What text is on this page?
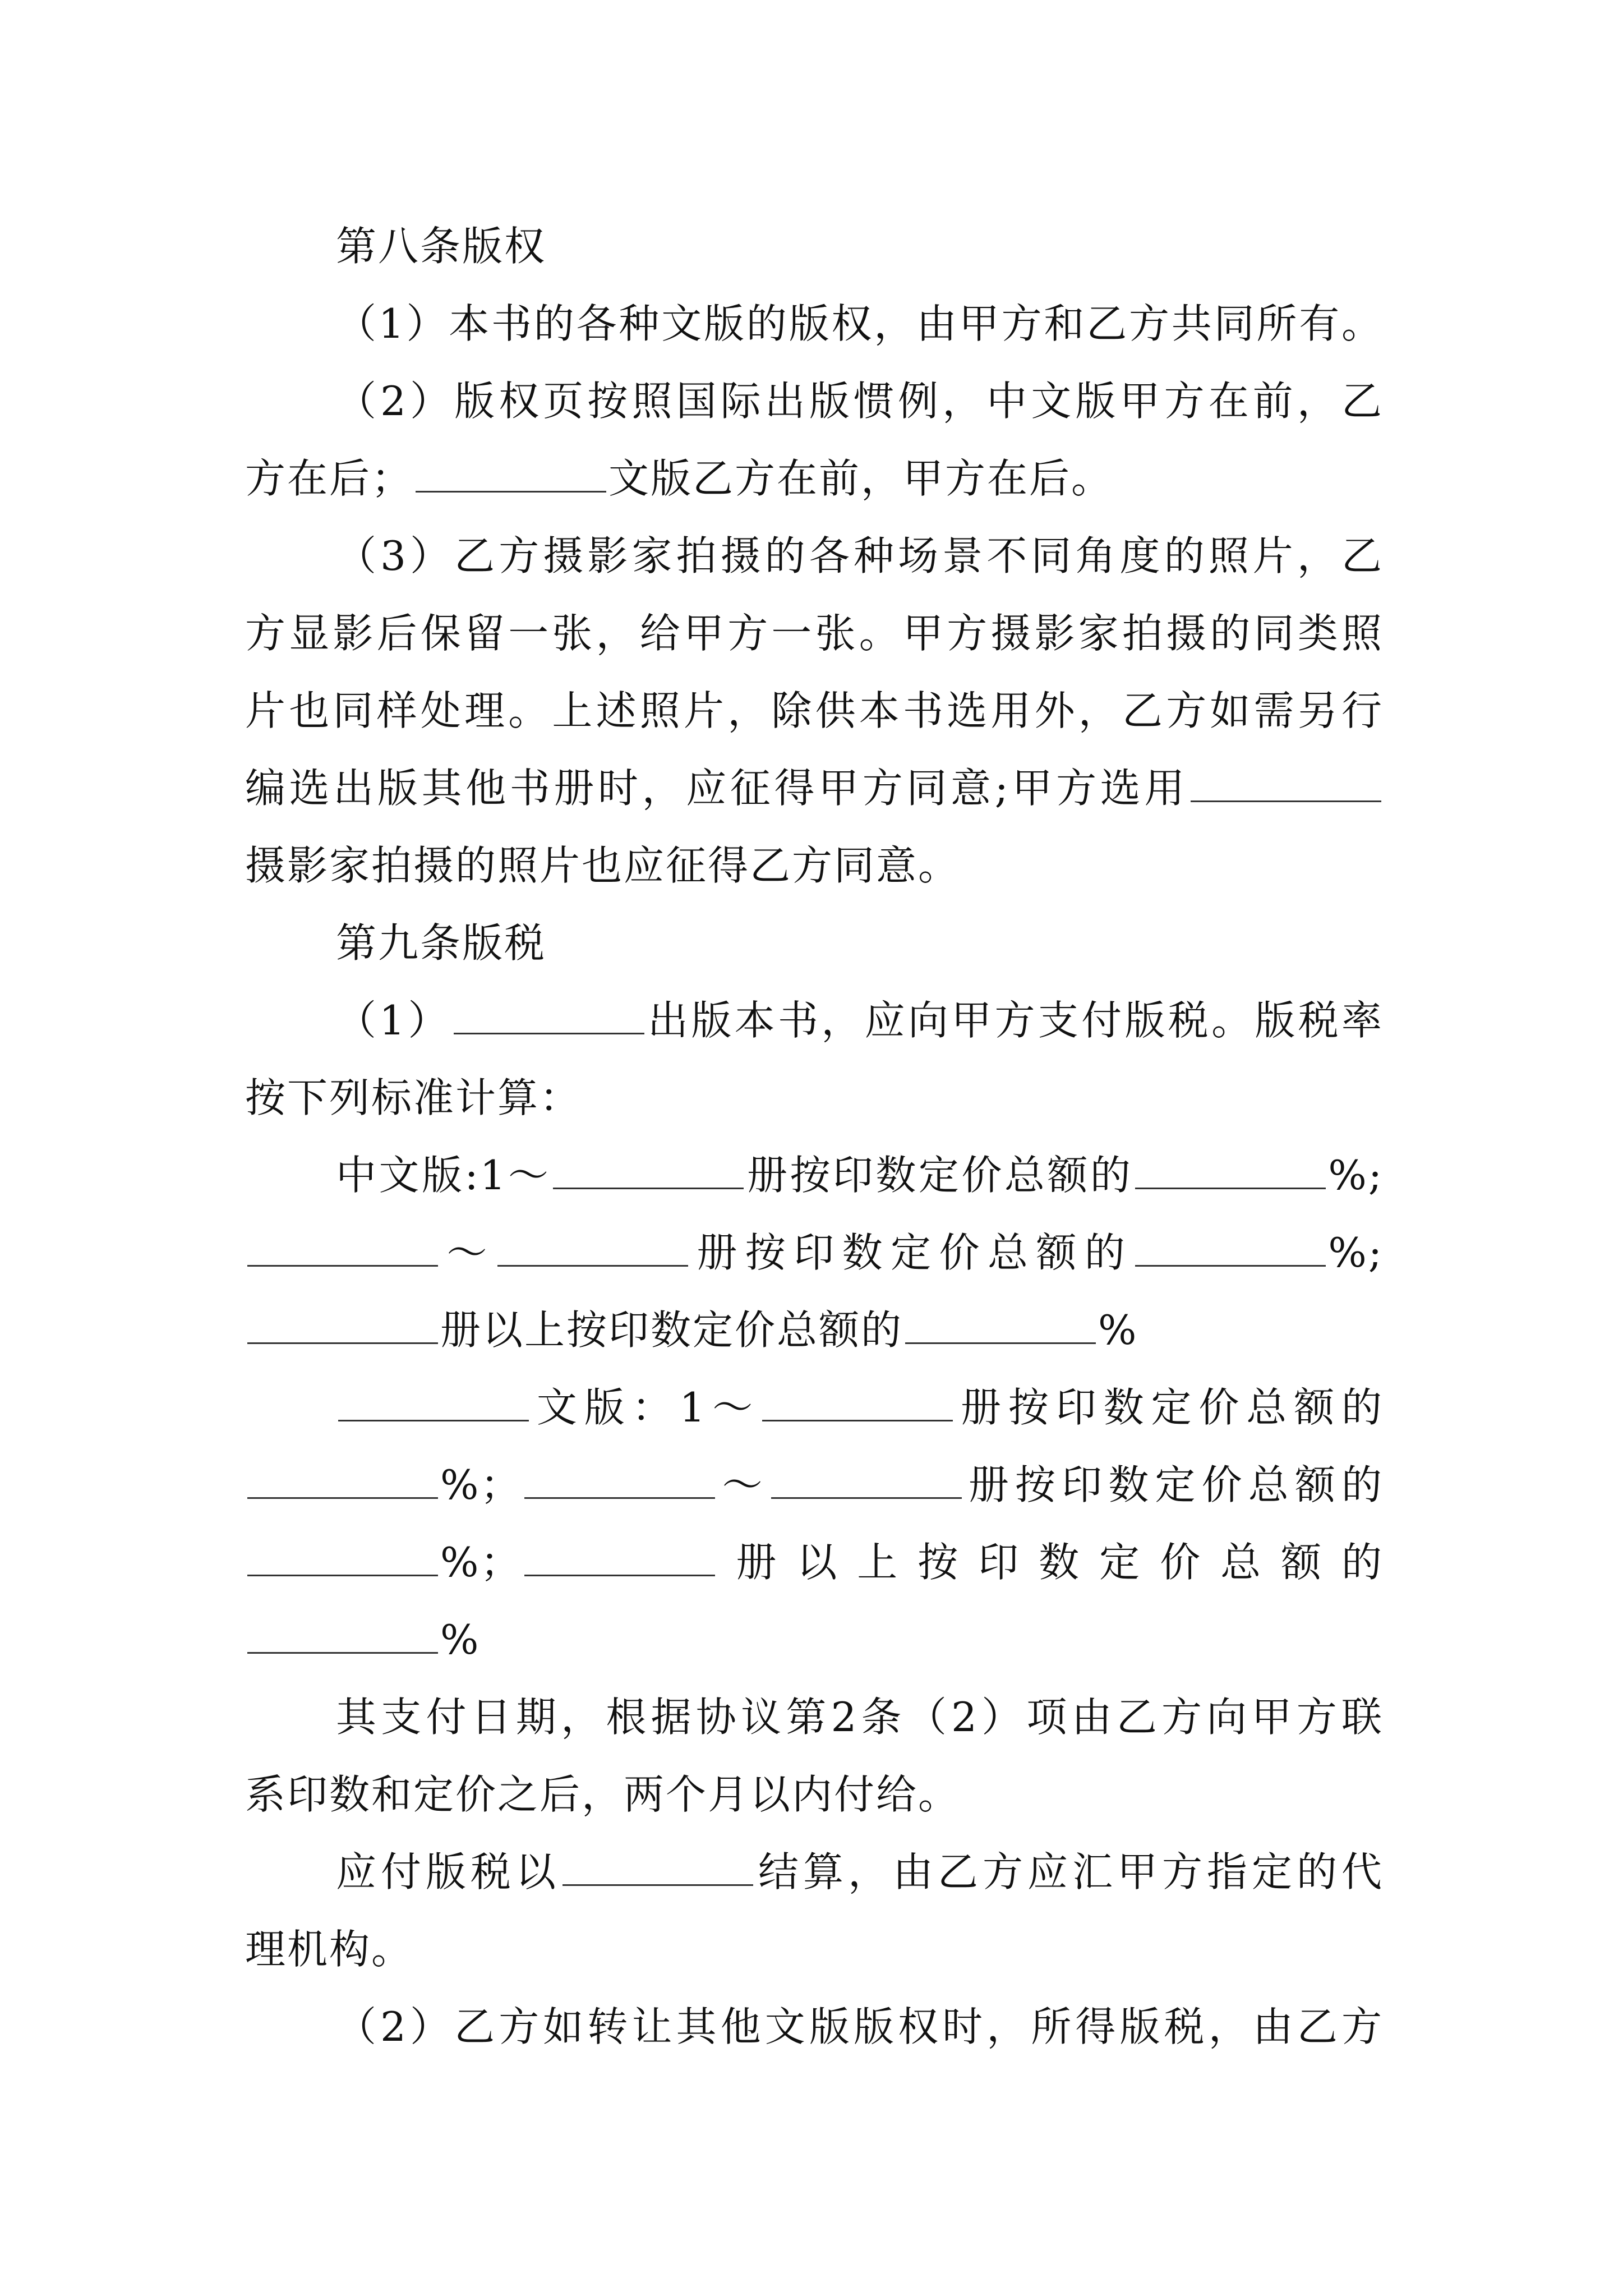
第八条版权
（1）本书的各种文版的版权，由甲方和乙方共同所有。
（2）版权页按照国际出版惯例，中文版甲方在前，乙
方在后；	文版乙方在前，甲方在后。
（3）乙方摄影家拍摄的各种场景不同角度的照片，乙
方显影后保留一张，给甲方一张。甲方摄影家拍摄的同类照
片也同样处理。上述照片，除供本书选用外，乙方如需另行
编选出版其他书册时，应征得甲方同意;甲方选用
摄影家拍摄的照片也应征得乙方同意。
第九条版税
（1）	出版本书，应向甲方支付版税。版税率
按下列标准计算：
中文版:1～	册按印数定价总额的	%;
～	册按印数定价总额的	%;
册以上按印数定价总额的	%
文版：1～	册按印数定价总额的
%；	～	册按印数定价总额的
%；	册以上按印数定价总额的
%
其支付日期，根据协议第2条（2）项由乙方向甲方联
系印数和定价之后，两个月以内付给。
应付版税以	结算，由乙方应汇甲方指定的代
理机构。
（2）乙方如转让其他文版版权时，所得版税，由乙方
